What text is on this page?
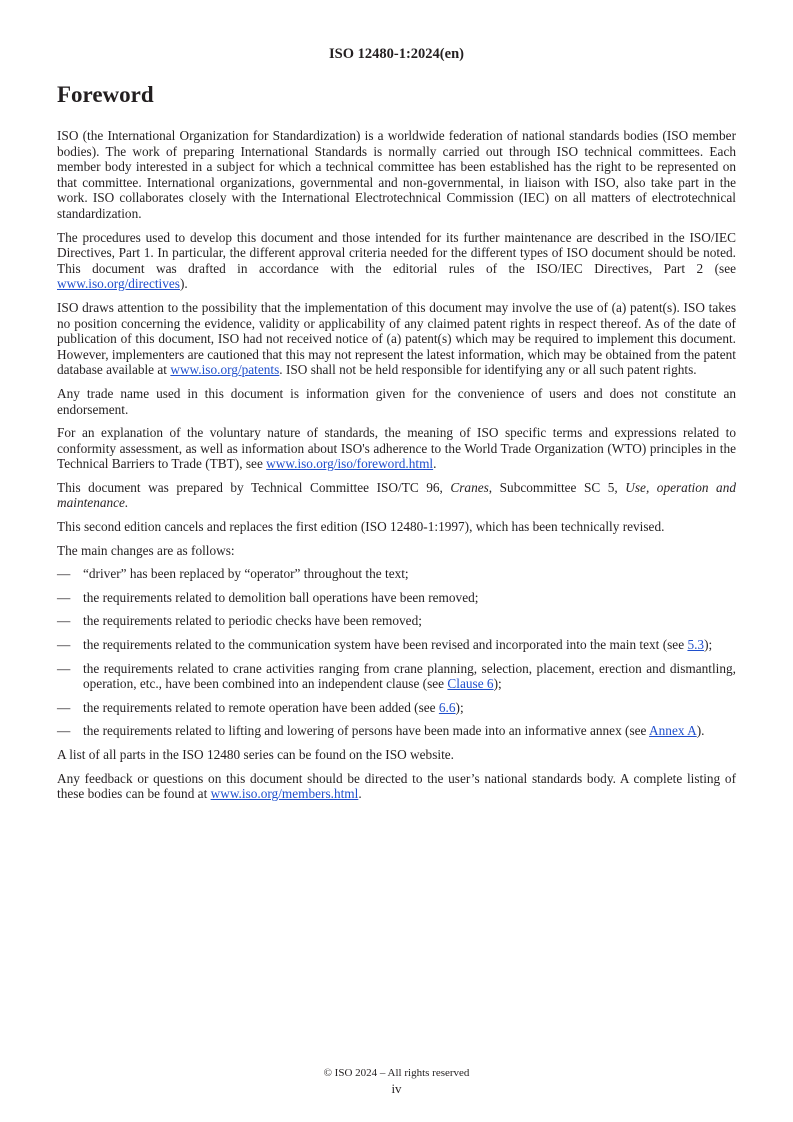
ISO 12480-1:2024(en)
Foreword

ISO (the International Organization for Standardization) is a worldwide federation of national standards bodies (ISO member bodies). The work of preparing International Standards is normally carried out through ISO technical committees. Each member body interested in a subject for which a technical committee has been established has the right to be represented on that committee. International organizations, governmental and non-governmental, in liaison with ISO, also take part in the work. ISO collaborates closely with the International Electrotechnical Commission (IEC) on all matters of electrotechnical standardization.

The procedures used to develop this document and those intended for its further maintenance are described in the ISO/IEC Directives, Part 1. In particular, the different approval criteria needed for the different types of ISO document should be noted. This document was drafted in accordance with the editorial rules of the ISO/IEC Directives, Part 2 (see www.iso.org/directives).

ISO draws attention to the possibility that the implementation of this document may involve the use of (a) patent(s). ISO takes no position concerning the evidence, validity or applicability of any claimed patent rights in respect thereof. As of the date of publication of this document, ISO had not received notice of (a) patent(s) which may be required to implement this document. However, implementers are cautioned that this may not represent the latest information, which may be obtained from the patent database available at www.iso.org/patents. ISO shall not be held responsible for identifying any or all such patent rights.

Any trade name used in this document is information given for the convenience of users and does not constitute an endorsement.

For an explanation of the voluntary nature of standards, the meaning of ISO specific terms and expressions related to conformity assessment, as well as information about ISO's adherence to the World Trade Organization (WTO) principles in the Technical Barriers to Trade (TBT), see www.iso.org/iso/foreword.html.

This document was prepared by Technical Committee ISO/TC 96, Cranes, Subcommittee SC 5, Use, operation and maintenance.

This second edition cancels and replaces the first edition (ISO 12480-1:1997), which has been technically revised.

The main changes are as follows:

— “driver” has been replaced by “operator” throughout the text;
— the requirements related to demolition ball operations have been removed;
— the requirements related to periodic checks have been removed;
— the requirements related to the communication system have been revised and incorporated into the main text (see 5.3);
— the requirements related to crane activities ranging from crane planning, selection, placement, erection and dismantling, operation, etc., have been combined into an independent clause (see Clause 6);
— the requirements related to remote operation have been added (see 6.6);
— the requirements related to lifting and lowering of persons have been made into an informative annex (see Annex A).

A list of all parts in the ISO 12480 series can be found on the ISO website.

Any feedback or questions on this document should be directed to the user’s national standards body. A complete listing of these bodies can be found at www.iso.org/members.html.

© ISO 2024 – All rights reserved
iv
